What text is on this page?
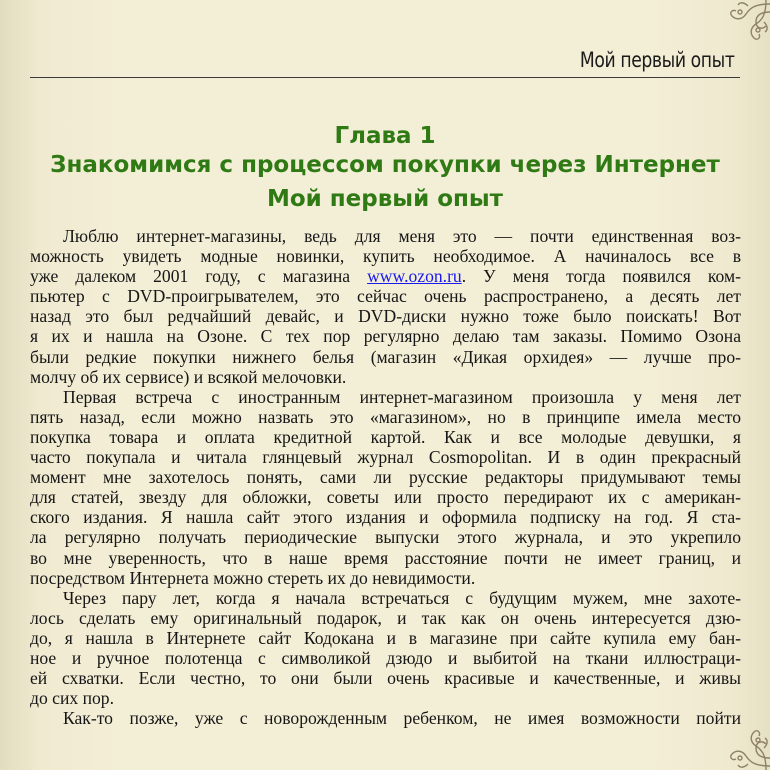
Мой первый опыт
Глава 1
Знакомимся с процессом покупки через Интернет
Мой первый опыт
Люблю интернет-магазины, ведь для меня это — почти единственная воз-
можность увидеть модные новинки, купить необходимое. А начиналось все в
уже далеком 2001 году, с магазина www.ozon.ru. У меня тогда появился ком-
пьютер с DVD-проигрывателем, это сейчас очень распространено, а десять лет
назад это был редчайший девайс, и DVD-диски нужно тоже было поискать! Вот
я их и нашла на Озоне. С тех пор регулярно делаю там заказы. Помимо Озона
были редкие покупки нижнего белья (магазин «Дикая орхидея» — лучше про-
молчу об их сервисе) и всякой мелочовки.
Первая встреча с иностранным интернет-магазином произошла у меня лет
пять назад, если можно назвать это «магазином», но в принципе имела место
покупка товара и оплата кредитной картой. Как и все молодые девушки, я
часто покупала и читала глянцевый журнал Cosmopolitan. И в один прекрасный
момент мне захотелось понять, сами ли русские редакторы придумывают темы
для статей, звезду для обложки, советы или просто передирают их с американ-
ского издания. Я нашла сайт этого издания и оформила подписку на год. Я ста-
ла регулярно получать периодические выпуски этого журнала, и это укрепило
во мне уверенность, что в наше время расстояние почти не имеет границ, и
посредством Интернета можно стереть их до невидимости.
Через пару лет, когда я начала встречаться с будущим мужем, мне захоте-
лось сделать ему оригинальный подарок, и так как он очень интересуется дзю-
до, я нашла в Интернете сайт Кодокана и в магазине при сайте купила ему бан-
ное и ручное полотенца с символикой дзюдо и выбитой на ткани иллюстраци-
ей схватки. Если честно, то они были очень красивые и качественные, и живы
до сих пор.
Как-то позже, уже с новорожденным ребенком, не имея возможности пойти
